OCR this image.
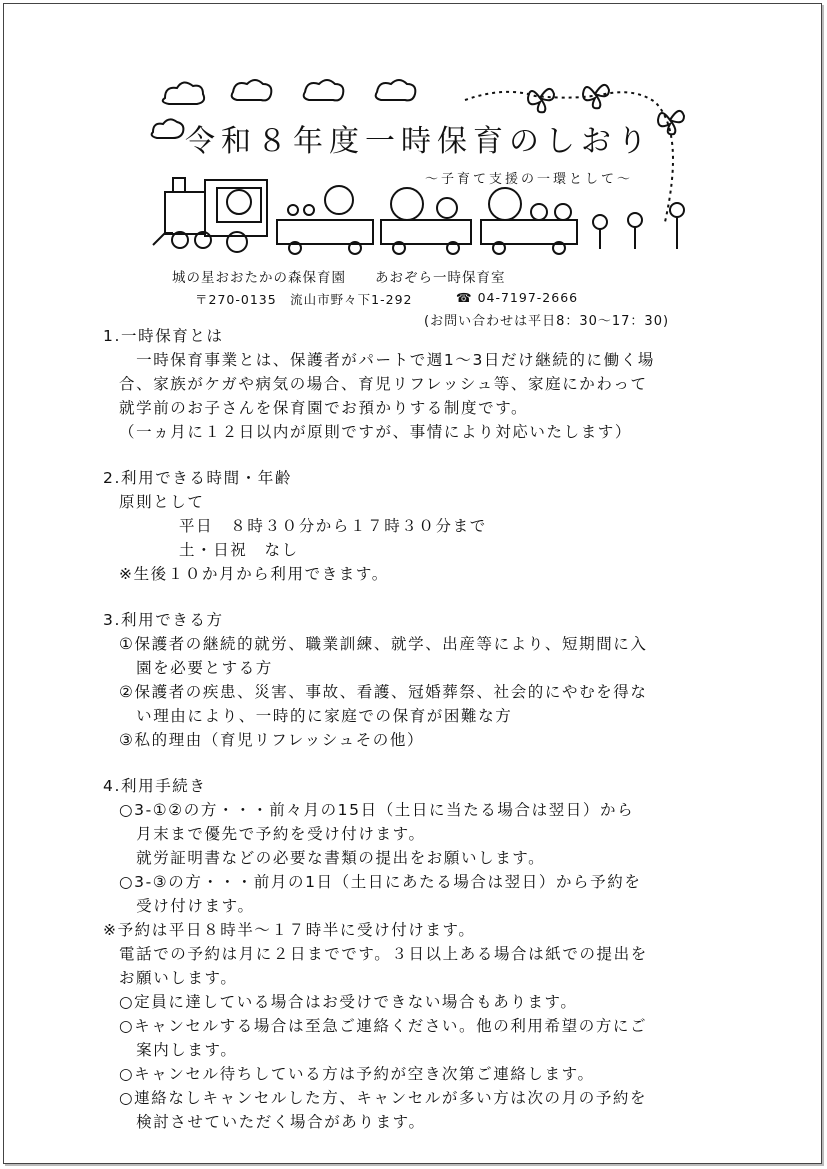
令和８年度一時保育のしおり
～子育て支援の一環として～
城の星おおたかの森保育園　　あおぞら一時保育室
〒270-0135　流山市野々下1-292	☎ 04-7197-2666
(お問い合わせは平日8：30～17：30)
1.一時保育とは
　一時保育事業とは、保護者がパートで週1～3日だけ継続的に働く場
合、家族がケガや病気の場合、育児リフレッシュ等、家庭にかわって
就学前のお子さんを保育園でお預かりする制度です。
（一ヵ月に１２日以内が原則ですが、事情により対応いたします）
2.利用できる時間・年齢
原則として
平日　８時３０分から１７時３０分まで
土・日祝　なし
※生後１０か月から利用できます。
3.利用できる方
①保護者の継続的就労、職業訓練、就学、出産等により、短期間に入
　園を必要とする方
②保護者の疾患、災害、事故、看護、冠婚葬祭、社会的にやむを得な
　い理由により、一時的に家庭での保育が困難な方
③私的理由（育児リフレッシュその他）
4.利用手続き
○3-①②の方・・・前々月の15日（土日に当たる場合は翌日）から
　月末まで優先で予約を受け付けます。
　就労証明書などの必要な書類の提出をお願いします。
○3-③の方・・・前月の1日（土日にあたる場合は翌日）から予約を
　受け付けます。
※予約は平日８時半～１７時半に受け付けます。
電話での予約は月に２日までです。３日以上ある場合は紙での提出を
お願いします。
○定員に達している場合はお受けできない場合もあります。
○キャンセルする場合は至急ご連絡ください。他の利用希望の方にご
　案内します。
○キャンセル待ちしている方は予約が空き次第ご連絡します。
○連絡なしキャンセルした方、キャンセルが多い方は次の月の予約を
　検討させていただく場合があります。
